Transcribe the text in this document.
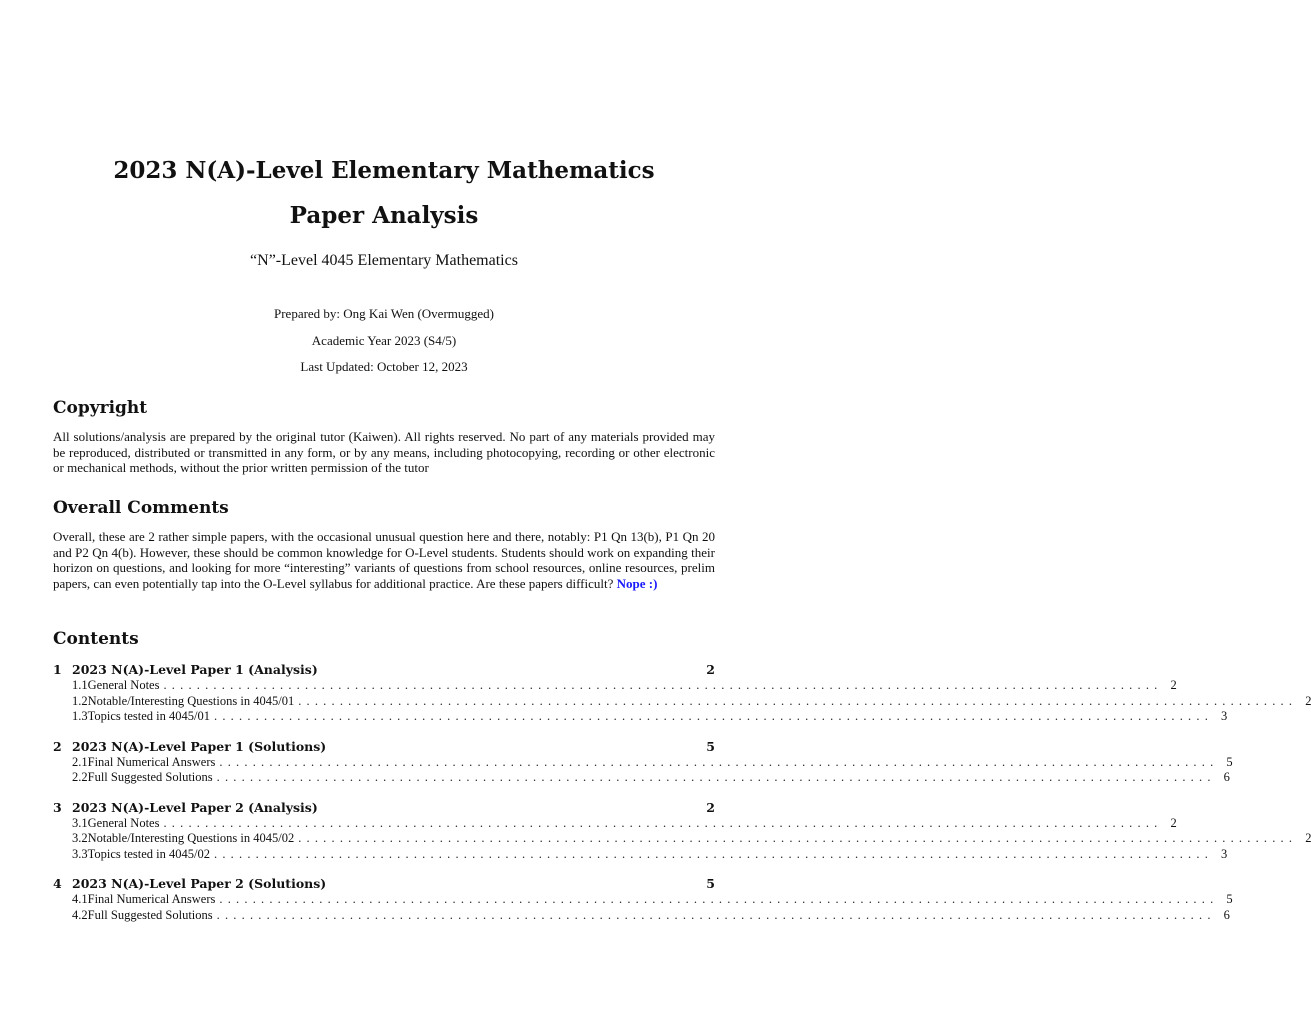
2023 N(A)-Level Elementary Mathematics
Paper Analysis
“N”-Level 4045 Elementary Mathematics
Prepared by: Ong Kai Wen (Overmugged)
Academic Year 2023 (S4/5)
Last Updated: October 12, 2023
Copyright

All solutions/analysis are prepared by the original tutor (Kaiwen). All rights reserved. No part of any materials provided may be reproduced, distributed or transmitted in any form, or by any means, including photocopying, recording or other electronic or mechanical methods, without the prior written permission of the tutor

Overall Comments

Overall, these are 2 rather simple papers, with the occasional unusual question here and there, notably: P1 Qn 13(b), P1 Qn 20 and P2 Qn 4(b). However, these should be common knowledge for O-Level students. Students should work on expanding their horizon on questions, and looking for more “interesting” variants of questions from school resources, online resources, prelim papers, can even potentially tap into the O-Level syllabus for additional practice. Are these papers difficult? Nope :)

Contents
1 2023 N(A)-Level Paper 1 (Analysis)	2
1.1 General Notes ........................................................................................................................ 2
1.2 Notable/Interesting Questions in 4045/01 ........................................................................................................................ 2
1.3 Topics tested in 4045/01 ........................................................................................................................ 3
2 2023 N(A)-Level Paper 1 (Solutions)	5
2.1 Final Numerical Answers ........................................................................................................................ 5
2.2 Full Suggested Solutions ........................................................................................................................ 6
3 2023 N(A)-Level Paper 2 (Analysis)	2
3.1 General Notes ........................................................................................................................ 2
3.2 Notable/Interesting Questions in 4045/02 ........................................................................................................................ 2
3.3 Topics tested in 4045/02 ........................................................................................................................ 3
4 2023 N(A)-Level Paper 2 (Solutions)	5
4.1 Final Numerical Answers ........................................................................................................................ 5
4.2 Full Suggested Solutions ........................................................................................................................ 6
